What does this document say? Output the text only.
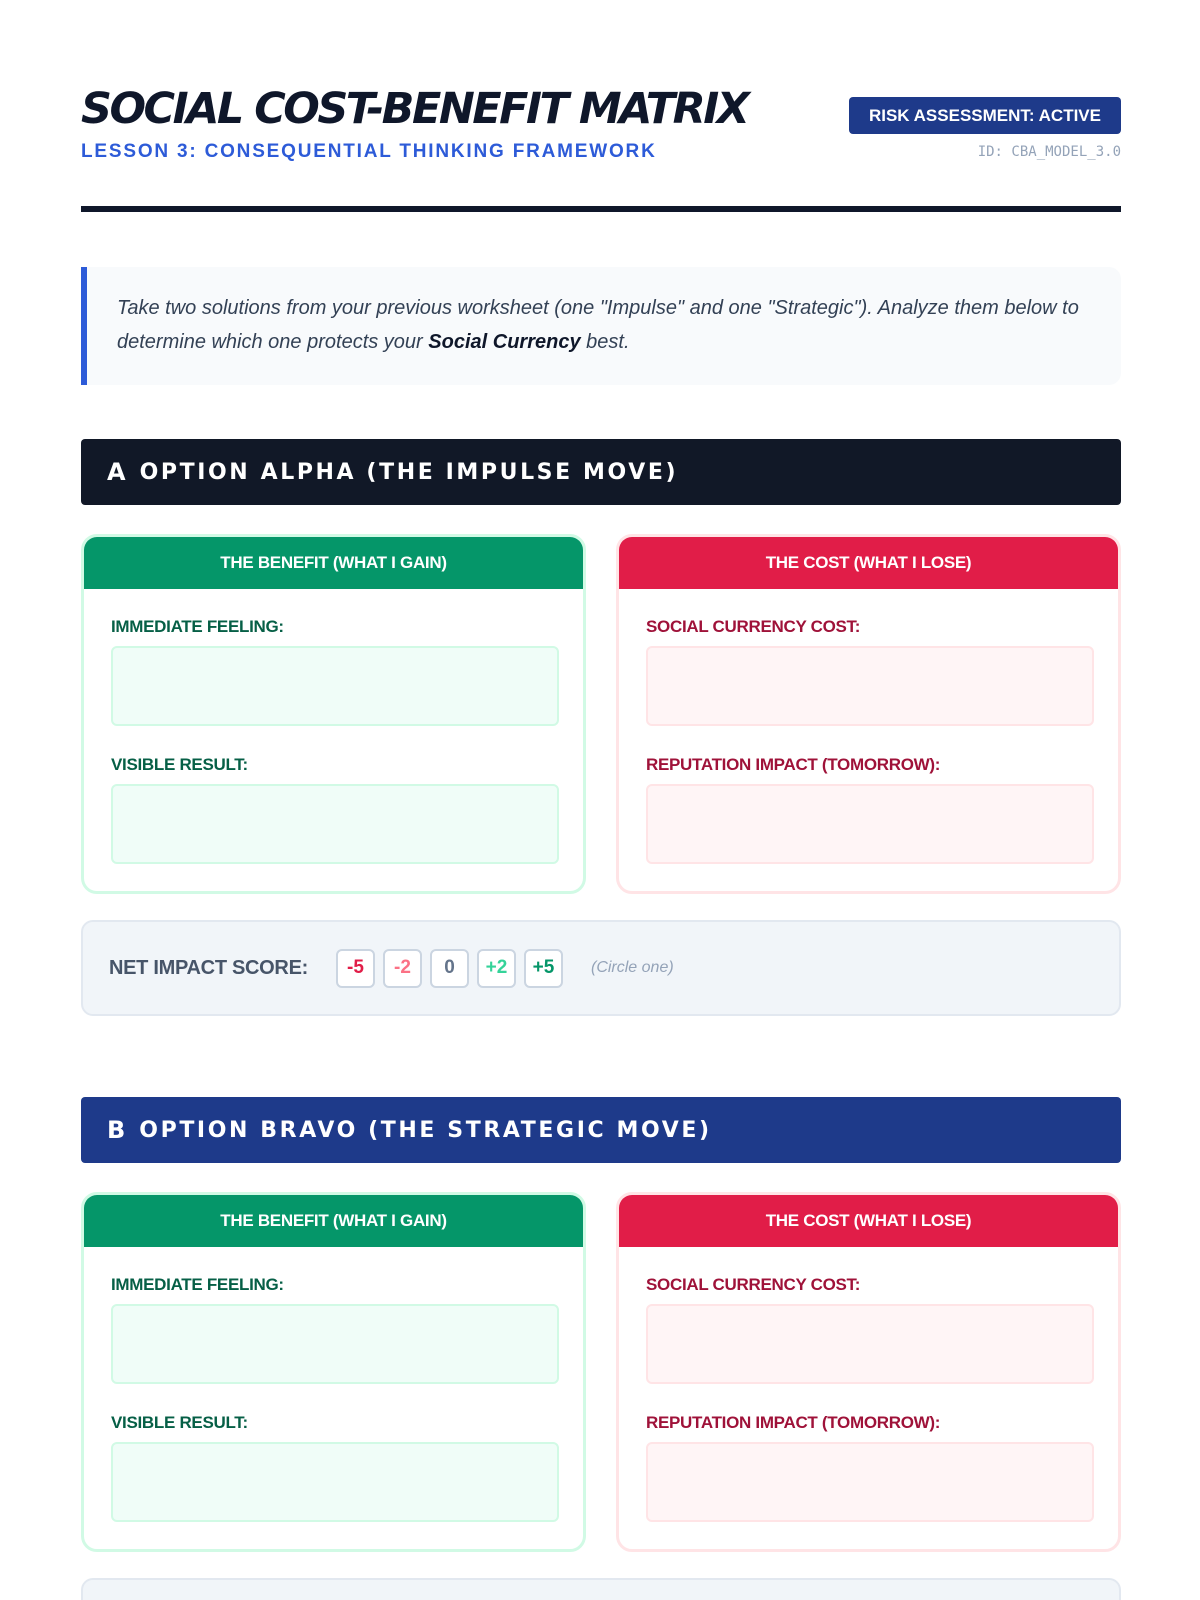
SOCIAL COST-BENEFIT MATRIX	RISK ASSESSMENT: ACTIVE
LESSON 3: CONSEQUENTIAL THINKING FRAMEWORK	ID: CBA_MODEL_3.0
Take two solutions from your previous worksheet (one "Impulse" and one "Strategic"). Analyze them below to determine which one protects your Social Currency best.
A OPTION ALPHA (THE IMPULSE MOVE)
THE BENEFIT (WHAT I GAIN)
IMMEDIATE FEELING:
VISIBLE RESULT:
THE COST (WHAT I LOSE)
SOCIAL CURRENCY COST:
REPUTATION IMPACT (TOMORROW):
NET IMPACT SCORE:	-5	-2	0	+2	+5	(Circle one)
B OPTION BRAVO (THE STRATEGIC MOVE)
THE BENEFIT (WHAT I GAIN)
IMMEDIATE FEELING:
VISIBLE RESULT:
THE COST (WHAT I LOSE)
SOCIAL CURRENCY COST:
REPUTATION IMPACT (TOMORROW):
